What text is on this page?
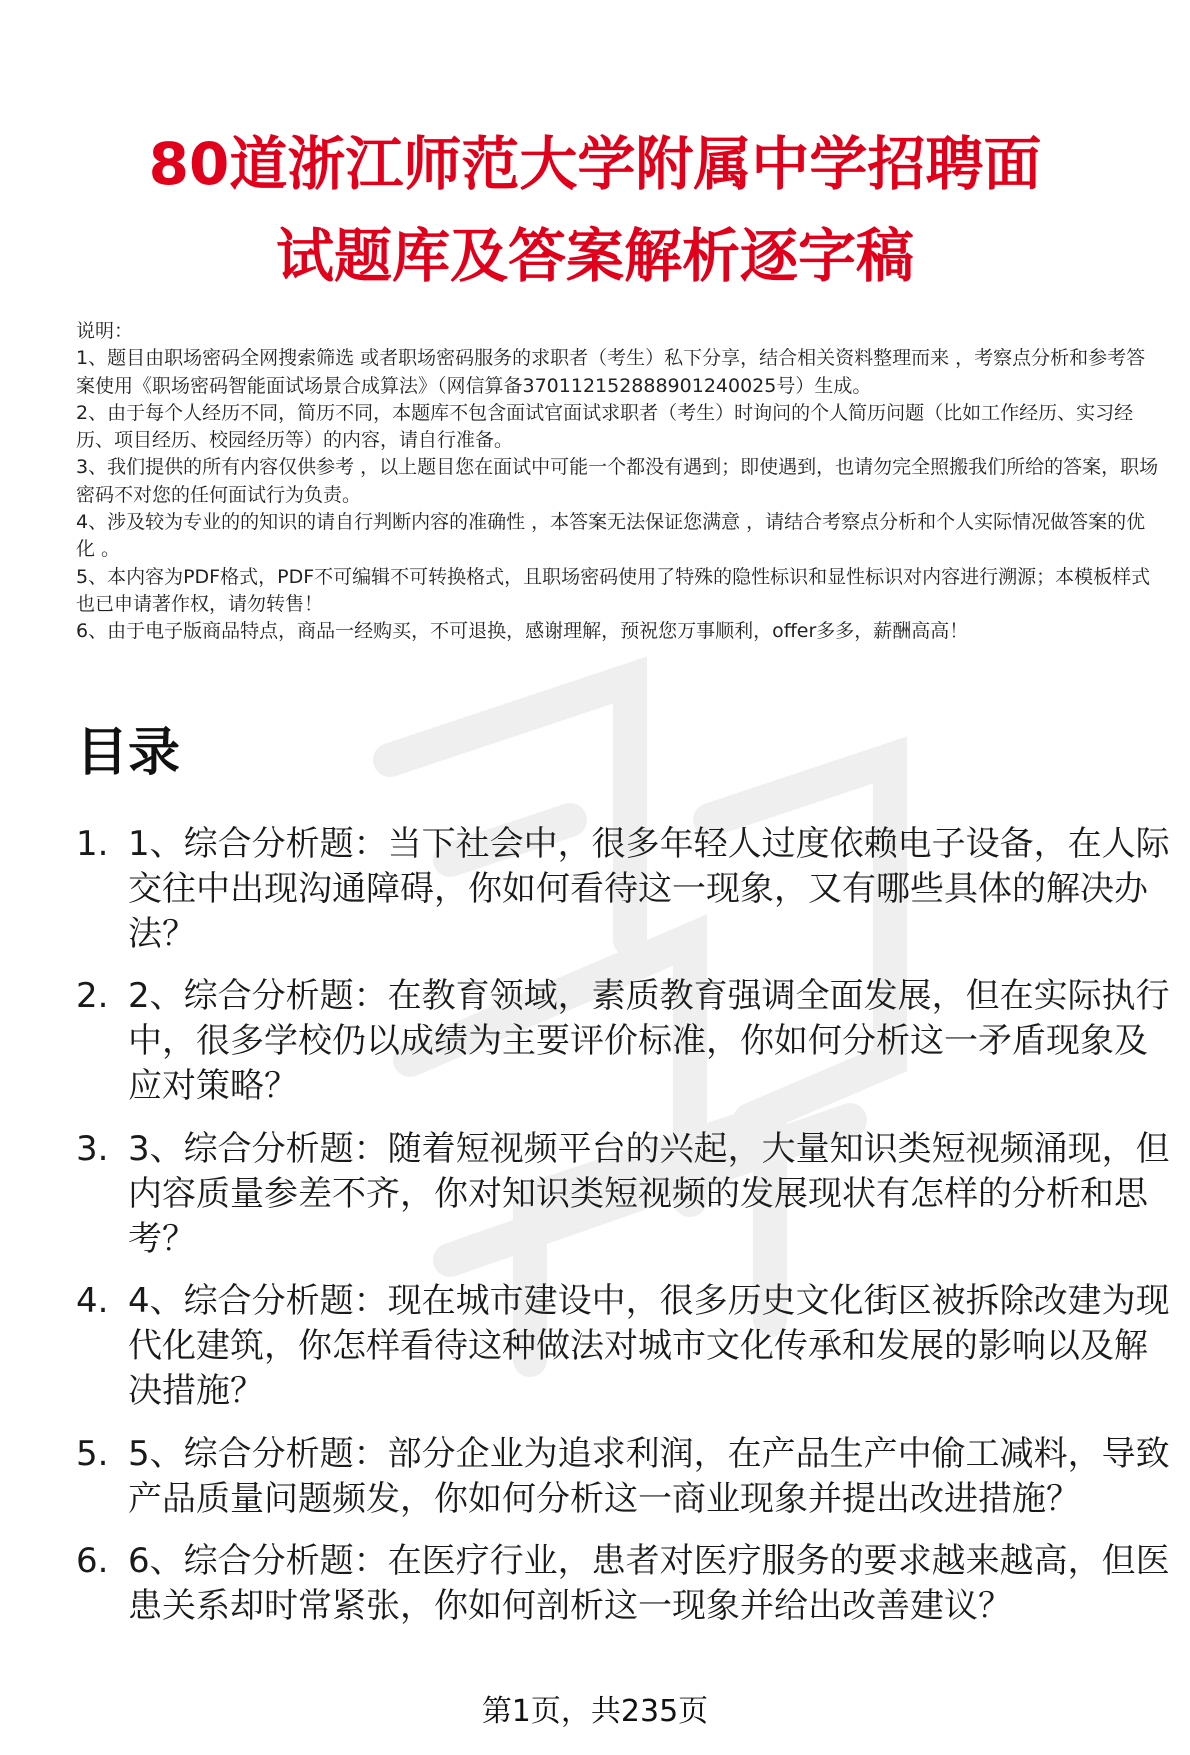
80道浙江师范大学附属中学招聘面
试题库及答案解析逐字稿

说明：

1、题目由职场密码全网搜索筛选 或者职场密码服务的求职者（考生）私下分享，结合相关资料整理而来 ，考察点分析和参考答案使用《职场密码智能面试场景合成算法》（网信算备370112152888901240025号）生成。

2、由于每个人经历不同，简历不同，本题库不包含面试官面试求职者（考生）时询问的个人简历问题（比如工作经历、实习经历、项目经历、校园经历等）的内容，请自行准备。

3、我们提供的所有内容仅供参考 ，以上题目您在面试中可能一个都没有遇到；即使遇到，也请勿完全照搬我们所给的答案，职场密码不对您的任何面试行为负责。

4、涉及较为专业的的知识的请自行判断内容的准确性 ，本答案无法保证您满意 ，请结合考察点分析和个人实际情况做答案的优化 。

5、本内容为PDF格式，PDF不可编辑不可转换格式，且职场密码使用了特殊的隐性标识和显性标识对内容进行溯源；本模板样式也已申请著作权，请勿转售！

6、由于电子版商品特点，商品一经购买，不可退换，感谢理解，预祝您万事顺利，offer多多，薪酬高高！

目录
1. 1、综合分析题：当下社会中，很多年轻人过度依赖电子设备，在人际交往中出现沟通障碍，你如何看待这一现象，又有哪些具体的解决办法？
2. 2、综合分析题：在教育领域，素质教育强调全面发展，但在实际执行中，很多学校仍以成绩为主要评价标准，你如何分析这一矛盾现象及应对策略？
3. 3、综合分析题：随着短视频平台的兴起，大量知识类短视频涌现，但内容质量参差不齐，你对知识类短视频的发展现状有怎样的分析和思考？
4. 4、综合分析题：现在城市建设中，很多历史文化街区被拆除改建为现代化建筑，你怎样看待这种做法对城市文化传承和发展的影响以及解决措施？
5. 5、综合分析题：部分企业为追求利润，在产品生产中偷工减料，导致产品质量问题频发，你如何分析这一商业现象并提出改进措施？
6. 6、综合分析题：在医疗行业，患者对医疗服务的要求越来越高，但医患关系却时常紧张，你如何剖析这一现象并给出改善建议？
第1页，共235页
